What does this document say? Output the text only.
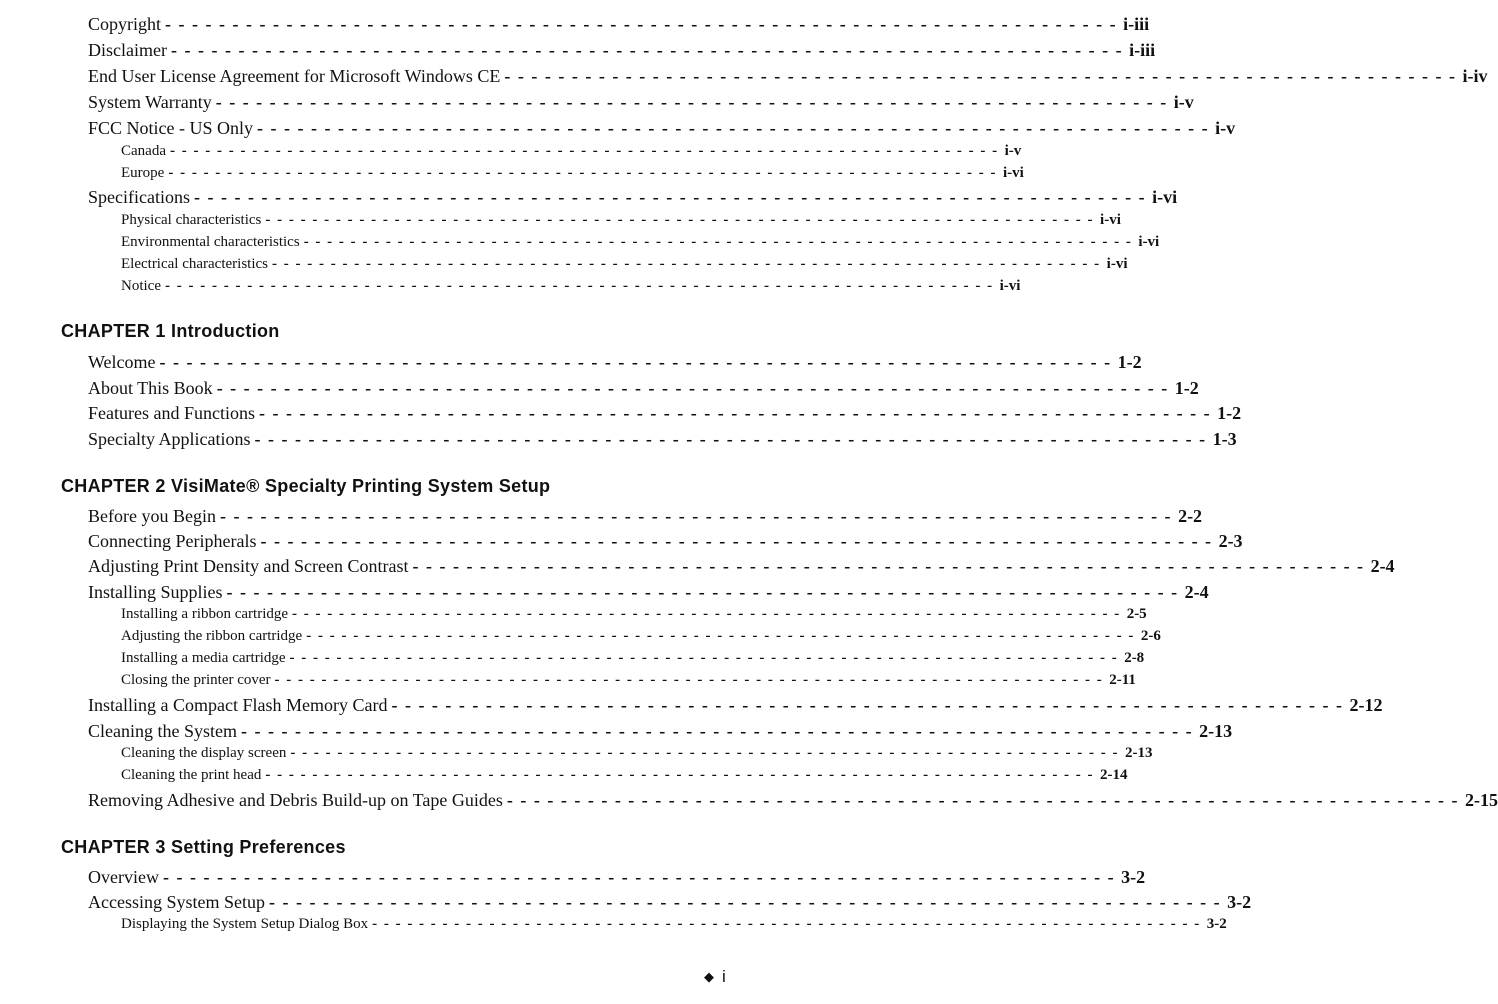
Copyright - - - - - - - - - - - - - - - - - - - - - - - - - - - - - - - - - - - - - - - - - - - - - - - - - - - - - - - - - - - - - - - - - - - - - - - i-iii
Disclaimer - - - - - - - - - - - - - - - - - - - - - - - - - - - - - - - - - - - - - - - - - - - - - - - - - - - - - - - - - - - - - - - - - - - - - - - i-iii
End User License Agreement for Microsoft Windows CE - - - - - - - - - - - - - - - - - - - - - - - - - - - - - - - - - - - - - - - - - - - - - - - - - - - - - - - - - - - - - - - - - - - - - - - i-iv
System Warranty - - - - - - - - - - - - - - - - - - - - - - - - - - - - - - - - - - - - - - - - - - - - - - - - - - - - - - - - - - - - - - - - - - - - - - - i-v
FCC Notice - US Only - - - - - - - - - - - - - - - - - - - - - - - - - - - - - - - - - - - - - - - - - - - - - - - - - - - - - - - - - - - - - - - - - - - - - - - i-v
Canada - - - - - - - - - - - - - - - - - - - - - - - - - - - - - - - - - - - - - - - - - - - - - - - - - - - - - - - - - - - - - - - - - - - - - - - i-v
Europe - - - - - - - - - - - - - - - - - - - - - - - - - - - - - - - - - - - - - - - - - - - - - - - - - - - - - - - - - - - - - - - - - - - - - - - i-vi
Specifications - - - - - - - - - - - - - - - - - - - - - - - - - - - - - - - - - - - - - - - - - - - - - - - - - - - - - - - - - - - - - - - - - - - - - - - i-vi
Physical characteristics - - - - - - - - - - - - - - - - - - - - - - - - - - - - - - - - - - - - - - - - - - - - - - - - - - - - - - - - - - - - - - - - - - - - - - - i-vi
Environmental characteristics - - - - - - - - - - - - - - - - - - - - - - - - - - - - - - - - - - - - - - - - - - - - - - - - - - - - - - - - - - - - - - - - - - - - - - - i-vi
Electrical characteristics - - - - - - - - - - - - - - - - - - - - - - - - - - - - - - - - - - - - - - - - - - - - - - - - - - - - - - - - - - - - - - - - - - - - - - - i-vi
Notice - - - - - - - - - - - - - - - - - - - - - - - - - - - - - - - - - - - - - - - - - - - - - - - - - - - - - - - - - - - - - - - - - - - - - - - i-vi
CHAPTER 1 Introduction
Welcome - - - - - - - - - - - - - - - - - - - - - - - - - - - - - - - - - - - - - - - - - - - - - - - - - - - - - - - - - - - - - - - - - - - - - - - 1-2
About This Book - - - - - - - - - - - - - - - - - - - - - - - - - - - - - - - - - - - - - - - - - - - - - - - - - - - - - - - - - - - - - - - - - - - - - - - 1-2
Features and Functions - - - - - - - - - - - - - - - - - - - - - - - - - - - - - - - - - - - - - - - - - - - - - - - - - - - - - - - - - - - - - - - - - - - - - - - 1-2
Specialty Applications - - - - - - - - - - - - - - - - - - - - - - - - - - - - - - - - - - - - - - - - - - - - - - - - - - - - - - - - - - - - - - - - - - - - - - - 1-3
CHAPTER 2 VisiMate® Specialty Printing System Setup
Before you Begin - - - - - - - - - - - - - - - - - - - - - - - - - - - - - - - - - - - - - - - - - - - - - - - - - - - - - - - - - - - - - - - - - - - - - - - 2-2
Connecting Peripherals - - - - - - - - - - - - - - - - - - - - - - - - - - - - - - - - - - - - - - - - - - - - - - - - - - - - - - - - - - - - - - - - - - - - - - - 2-3
Adjusting Print Density and Screen Contrast - - - - - - - - - - - - - - - - - - - - - - - - - - - - - - - - - - - - - - - - - - - - - - - - - - - - - - - - - - - - - - - - - - - - - - - 2-4
Installing Supplies - - - - - - - - - - - - - - - - - - - - - - - - - - - - - - - - - - - - - - - - - - - - - - - - - - - - - - - - - - - - - - - - - - - - - - - 2-4
Installing a ribbon cartridge - - - - - - - - - - - - - - - - - - - - - - - - - - - - - - - - - - - - - - - - - - - - - - - - - - - - - - - - - - - - - - - - - - - - - - - 2-5
Adjusting the ribbon cartridge - - - - - - - - - - - - - - - - - - - - - - - - - - - - - - - - - - - - - - - - - - - - - - - - - - - - - - - - - - - - - - - - - - - - - - - 2-6
Installing a media cartridge - - - - - - - - - - - - - - - - - - - - - - - - - - - - - - - - - - - - - - - - - - - - - - - - - - - - - - - - - - - - - - - - - - - - - - - 2-8
Closing the printer cover - - - - - - - - - - - - - - - - - - - - - - - - - - - - - - - - - - - - - - - - - - - - - - - - - - - - - - - - - - - - - - - - - - - - - - - 2-11
Installing a Compact Flash Memory Card - - - - - - - - - - - - - - - - - - - - - - - - - - - - - - - - - - - - - - - - - - - - - - - - - - - - - - - - - - - - - - - - - - - - - - - 2-12
Cleaning the System - - - - - - - - - - - - - - - - - - - - - - - - - - - - - - - - - - - - - - - - - - - - - - - - - - - - - - - - - - - - - - - - - - - - - - - 2-13
Cleaning the display screen - - - - - - - - - - - - - - - - - - - - - - - - - - - - - - - - - - - - - - - - - - - - - - - - - - - - - - - - - - - - - - - - - - - - - - - 2-13
Cleaning the print head - - - - - - - - - - - - - - - - - - - - - - - - - - - - - - - - - - - - - - - - - - - - - - - - - - - - - - - - - - - - - - - - - - - - - - - 2-14
Removing Adhesive and Debris Build-up on Tape Guides - - - - - - - - - - - - - - - - - - - - - - - - - - - - - - - - - - - - - - - - - - - - - - - - - - - - - - - - - - - - - - - - - - - - - - - 2-15
CHAPTER 3 Setting Preferences
Overview - - - - - - - - - - - - - - - - - - - - - - - - - - - - - - - - - - - - - - - - - - - - - - - - - - - - - - - - - - - - - - - - - - - - - - - 3-2
Accessing System Setup - - - - - - - - - - - - - - - - - - - - - - - - - - - - - - - - - - - - - - - - - - - - - - - - - - - - - - - - - - - - - - - - - - - - - - - 3-2
Displaying the System Setup Dialog Box - - - - - - - - - - - - - - - - - - - - - - - - - - - - - - - - - - - - - - - - - - - - - - - - - - - - - - - - - - - - - - - - - - - - - - - 3-2
◆ i
